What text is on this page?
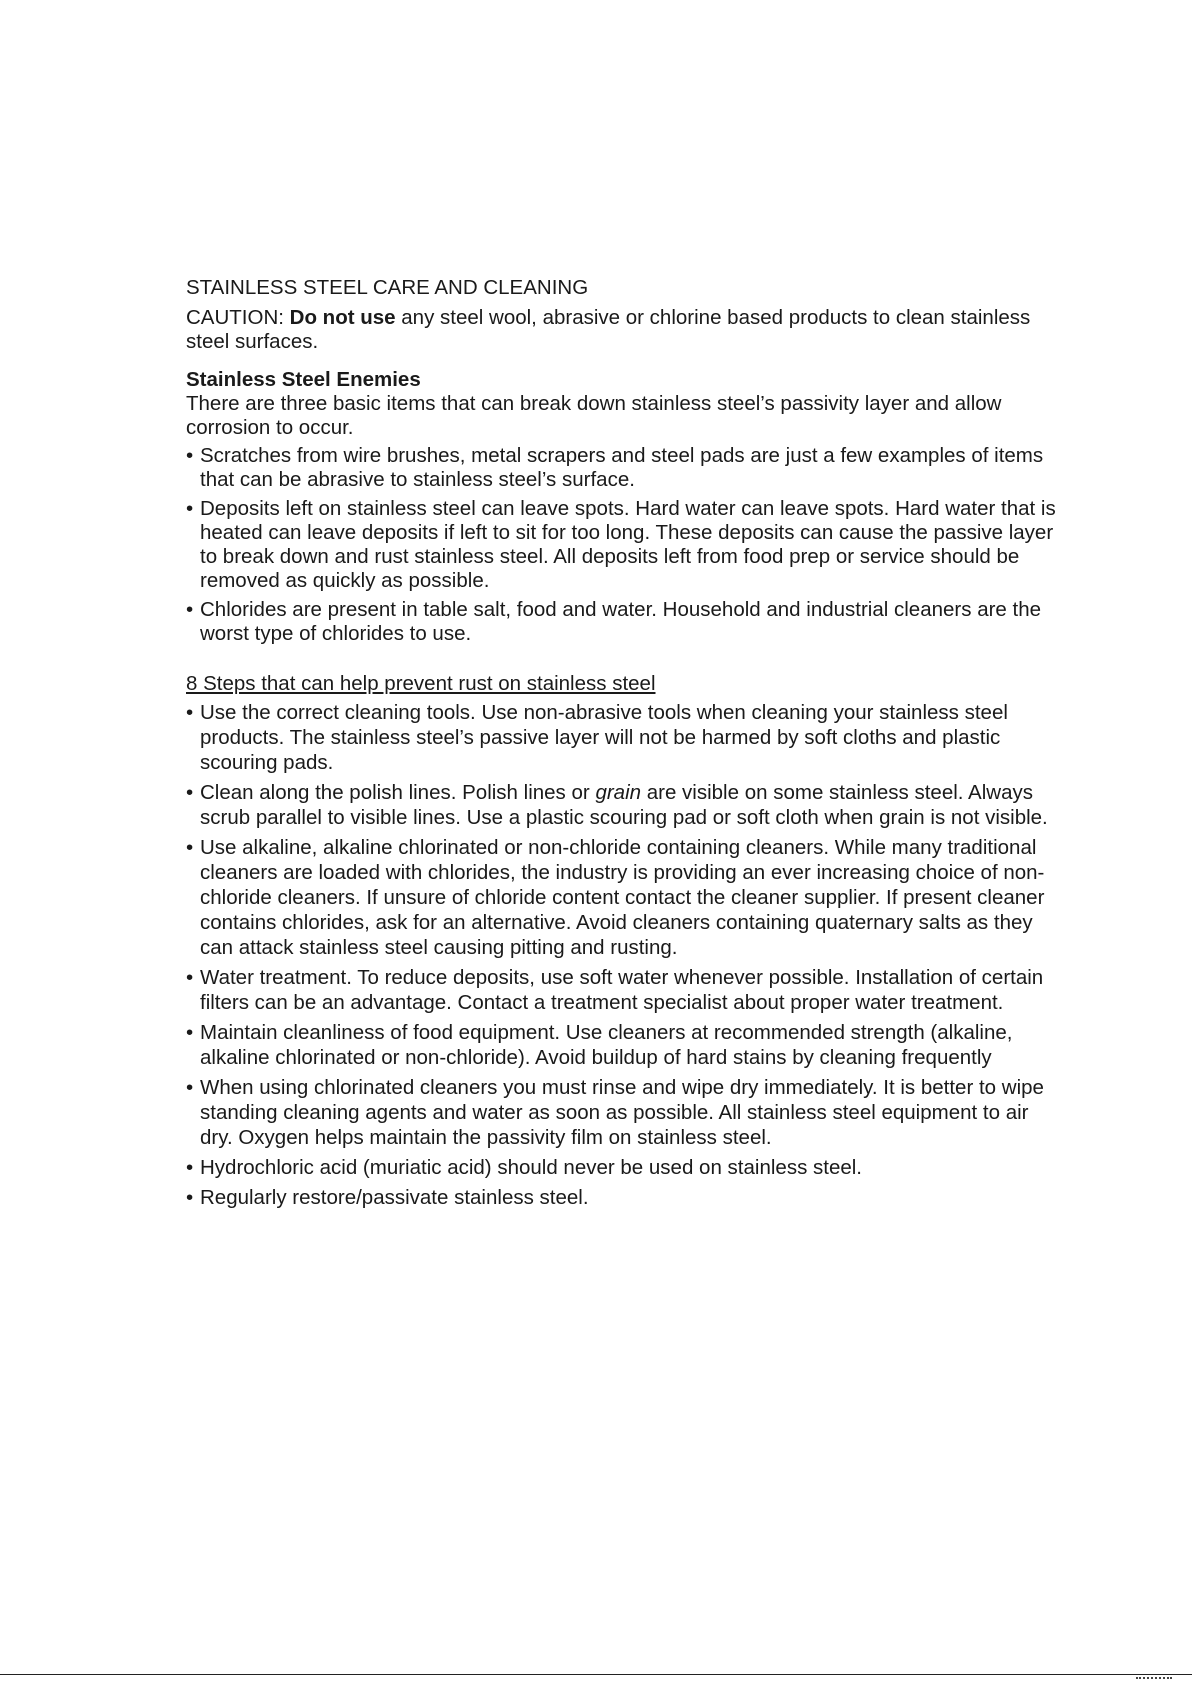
STAINLESS STEEL CARE AND CLEANING

CAUTION: Do not use any steel wool, abrasive or chlorine based products to clean stainless steel surfaces.

Stainless Steel Enemies

There are three basic items that can break down stainless steel’s passivity layer and allow corrosion to occur.

• Scratches from wire brushes, metal scrapers and steel pads are just a few examples of items that can be abrasive to stainless steel’s surface.
• Deposits left on stainless steel can leave spots. Hard water can leave spots. Hard water that is heated can leave deposits if left to sit for too long. These deposits can cause the passive layer to break down and rust stainless steel. All deposits left from food prep or service should be removed as quickly as possible.
• Chlorides are present in table salt, food and water. Household and industrial cleaners are the worst type of chlorides to use.

8 Steps that can help prevent rust on stainless steel

• Use the correct cleaning tools. Use non-abrasive tools when cleaning your stainless steel products. The stainless steel’s passive layer will not be harmed by soft cloths and plastic scouring pads.
• Clean along the polish lines. Polish lines or grain are visible on some stainless steel. Always scrub parallel to visible lines. Use a plastic scouring pad or soft cloth when grain is not visible.
• Use alkaline, alkaline chlorinated or non-chloride containing cleaners. While many traditional cleaners are loaded with chlorides, the industry is providing an ever increasing choice of non-chloride cleaners. If unsure of chloride content contact the cleaner supplier. If present cleaner contains chlorides, ask for an alternative. Avoid cleaners containing quaternary salts as they can attack stainless steel causing pitting and rusting.
• Water treatment. To reduce deposits, use soft water whenever possible. Installation of certain filters can be an advantage. Contact a treatment specialist about proper water treatment.
• Maintain cleanliness of food equipment. Use cleaners at recommended strength (alkaline, alkaline chlorinated or non-chloride). Avoid buildup of hard stains by cleaning frequently
• When using chlorinated cleaners you must rinse and wipe dry immediately. It is better to wipe standing cleaning agents and water as soon as possible. All stainless steel equipment to air dry. Oxygen helps maintain the passivity film on stainless steel.
• Hydrochloric acid (muriatic acid) should never be used on stainless steel.
• Regularly restore/passivate stainless steel.
